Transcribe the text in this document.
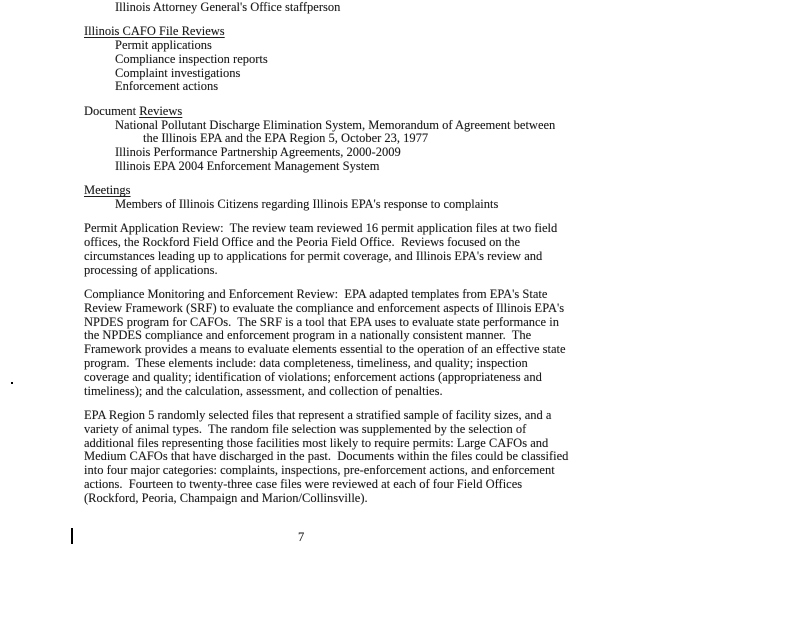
Illinois Attorney General's Office staffperson
Illinois CAFO File Reviews
Permit applications
Compliance inspection reports
Complaint investigations
Enforcement actions
Document Reviews
National Pollutant Discharge Elimination System, Memorandum of Agreement between
the Illinois EPA and the EPA Region 5, October 23, 1977
Illinois Performance Partnership Agreements, 2000-2009
Illinois EPA 2004 Enforcement Management System
Meetings
Members of Illinois Citizens regarding Illinois EPA's response to complaints
Permit Application Review:  The review team reviewed 16 permit application files at two field
offices, the Rockford Field Office and the Peoria Field Office.  Reviews focused on the
circumstances leading up to applications for permit coverage, and Illinois EPA's review and
processing of applications.
Compliance Monitoring and Enforcement Review:  EPA adapted templates from EPA's State
Review Framework (SRF) to evaluate the compliance and enforcement aspects of Illinois EPA's
NPDES program for CAFOs.  The SRF is a tool that EPA uses to evaluate state performance in
the NPDES compliance and enforcement program in a nationally consistent manner.  The
Framework provides a means to evaluate elements essential to the operation of an effective state
program.  These elements include: data completeness, timeliness, and quality; inspection
coverage and quality; identification of violations; enforcement actions (appropriateness and
timeliness); and the calculation, assessment, and collection of penalties.
EPA Region 5 randomly selected files that represent a stratified sample of facility sizes, and a
variety of animal types.  The random file selection was supplemented by the selection of
additional files representing those facilities most likely to require permits: Large CAFOs and
Medium CAFOs that have discharged in the past.  Documents within the files could be classified
into four major categories: complaints, inspections, pre-enforcement actions, and enforcement
actions.  Fourteen to twenty-three case files were reviewed at each of four Field Offices
(Rockford, Peoria, Champaign and Marion/Collinsville).
7
